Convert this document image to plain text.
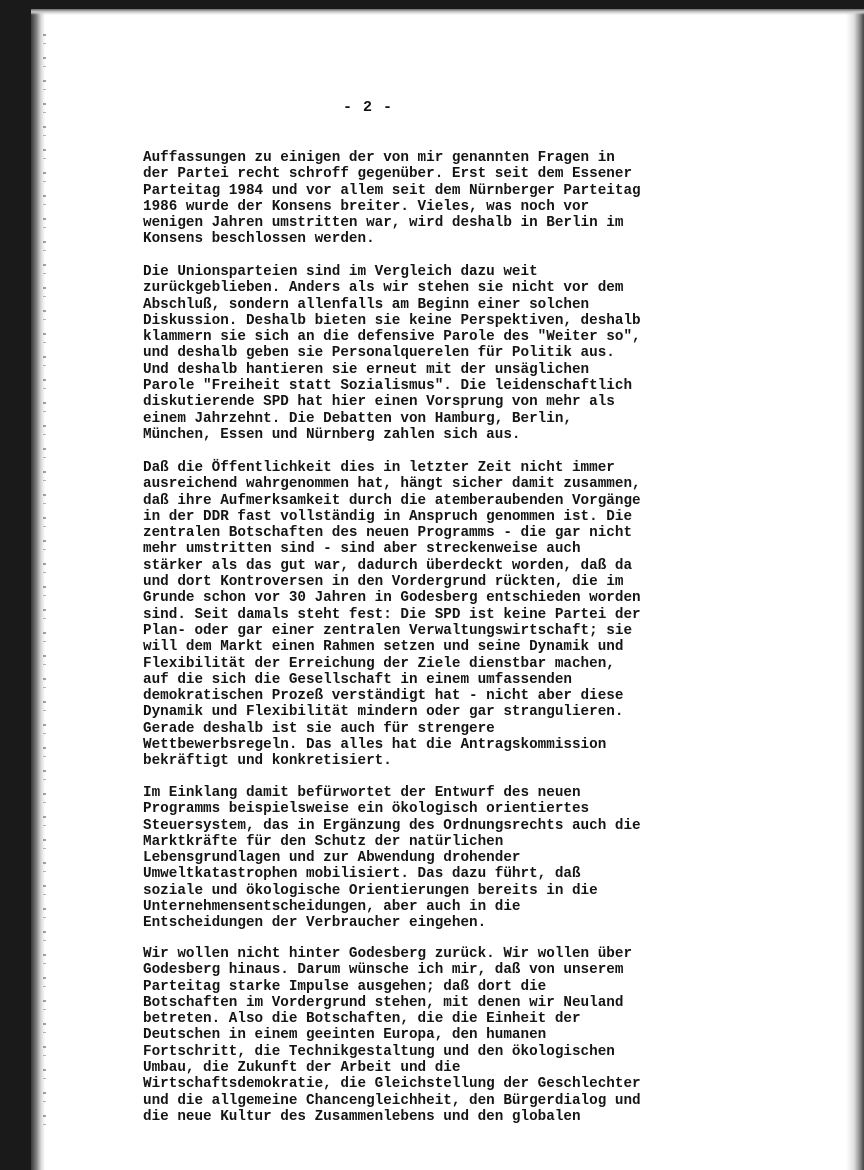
- 2 -
Auffassungen zu einigen der von mir genannten Fragen in
der Partei recht schroff gegenüber. Erst seit dem Essener
Parteitag 1984 und vor allem seit dem Nürnberger Parteitag
1986 wurde der Konsens breiter. Vieles, was noch vor
wenigen Jahren umstritten war, wird deshalb in Berlin im
Konsens beschlossen werden.
Die Unionsparteien sind im Vergleich dazu weit
zurückgeblieben. Anders als wir stehen sie nicht vor dem
Abschluß, sondern allenfalls am Beginn einer solchen
Diskussion. Deshalb bieten sie keine Perspektiven, deshalb
klammern sie sich an die defensive Parole des "Weiter so",
und deshalb geben sie Personalquerelen für Politik aus.
Und deshalb hantieren sie erneut mit der unsäglichen
Parole "Freiheit statt Sozialismus". Die leidenschaftlich
diskutierende SPD hat hier einen Vorsprung von mehr als
einem Jahrzehnt. Die Debatten von Hamburg, Berlin,
München, Essen und Nürnberg zahlen sich aus.
Daß die Öffentlichkeit dies in letzter Zeit nicht immer
ausreichend wahrgenommen hat, hängt sicher damit zusammen,
daß ihre Aufmerksamkeit durch die atemberaubenden Vorgänge
in der DDR fast vollständig in Anspruch genommen ist. Die
zentralen Botschaften des neuen Programms - die gar nicht
mehr umstritten sind - sind aber streckenweise auch
stärker als das gut war, dadurch überdeckt worden, daß da
und dort Kontroversen in den Vordergrund rückten, die im
Grunde schon vor 30 Jahren in Godesberg entschieden worden
sind. Seit damals steht fest: Die SPD ist keine Partei der
Plan- oder gar einer zentralen Verwaltungswirtschaft; sie
will dem Markt einen Rahmen setzen und seine Dynamik und
Flexibilität der Erreichung der Ziele dienstbar machen,
auf die sich die Gesellschaft in einem umfassenden
demokratischen Prozeß verständigt hat - nicht aber diese
Dynamik und Flexibilität mindern oder gar strangulieren.
Gerade deshalb ist sie auch für strengere
Wettbewerbsregeln. Das alles hat die Antragskommission
bekräftigt und konkretisiert.
Im Einklang damit befürwortet der Entwurf des neuen
Programms beispielsweise ein ökologisch orientiertes
Steuersystem, das in Ergänzung des Ordnungsrechts auch die
Marktkräfte für den Schutz der natürlichen
Lebensgrundlagen und zur Abwendung drohender
Umweltkatastrophen mobilisiert. Das dazu führt, daß
soziale und ökologische Orientierungen bereits in die
Unternehmensentscheidungen, aber auch in die
Entscheidungen der Verbraucher eingehen.
Wir wollen nicht hinter Godesberg zurück. Wir wollen über
Godesberg hinaus. Darum wünsche ich mir, daß von unserem
Parteitag starke Impulse ausgehen; daß dort die
Botschaften im Vordergrund stehen, mit denen wir Neuland
betreten. Also die Botschaften, die die Einheit der
Deutschen in einem geeinten Europa, den humanen
Fortschritt, die Technikgestaltung und den ökologischen
Umbau, die Zukunft der Arbeit und die
Wirtschaftsdemokratie, die Gleichstellung der Geschlechter
und die allgemeine Chancengleichheit, den Bürgerdialog und
die neue Kultur des Zusammenlebens und den globalen
